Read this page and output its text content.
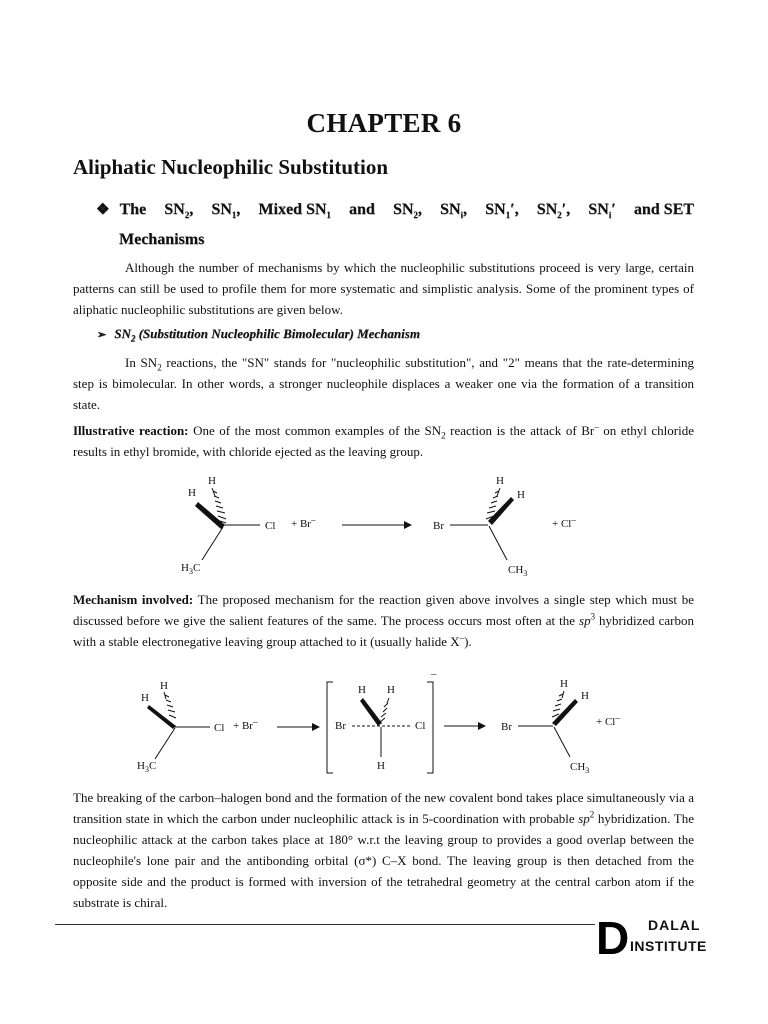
CHAPTER 6
Aliphatic Nucleophilic Substitution
❖ The $SN_2$, $SN_1$, Mixed $SN_1$ and $SN_2$, $SN_i$, $SN_1'$, $SN_2'$, $SN_i'$ and SET
Mechanisms

Although the number of mechanisms by which the nucleophilic substitutions proceed is very large, certain patterns can still be used to profile them for more systematic and simplistic analysis. Some of the prominent types of aliphatic nucleophilic substitutions are given below.

➢ $SN_2$ (Substitution Nucleophilic Bimolecular) Mechanism

In $SN_2$ reactions, the "SN" stands for "nucleophilic substitution", and "2" means that the rate-determining step is bimolecular. In other words, a stronger nucleophile displaces a weaker one via the formation of a transition state.

Illustrative reaction: One of the most common examples of the $SN_2$ reaction is the attack of Br– on ethyl chloride results in ethyl bromide, with chloride ejected as the leaving group.

H
H
Cl
$H_3C$
+ Br–	Br
H
H
$CH_3$
+ Cl–

Mechanism involved: The proposed mechanism for the reaction given above involves a single step which must be discussed before we give the salient features of the same. The process occurs most often at the $sp^3$ hybridized carbon with a stable electronegative leaving group attached to it (usually halide X–).

H
H
Cl
$H_3C$
+ Br–
–
H H
Br	Cl
H
Br
H
H
$CH_3$
+ Cl–

The breaking of the carbon–halogen bond and the formation of the new covalent bond takes place simultaneously via a transition state in which the carbon under nucleophilic attack is in 5-coordination with probable $sp^2$ hybridization. The nucleophilic attack at the carbon takes place at 180° w.r.t the leaving group to provides a good overlap between the nucleophile's lone pair and the antibonding orbital (σ*) C–X bond. The leaving group is then detached from the opposite side and the product is formed with inversion of the tetrahedral geometry at the central carbon atom if the substrate is chiral.

D DALAL
INSTITUTE
